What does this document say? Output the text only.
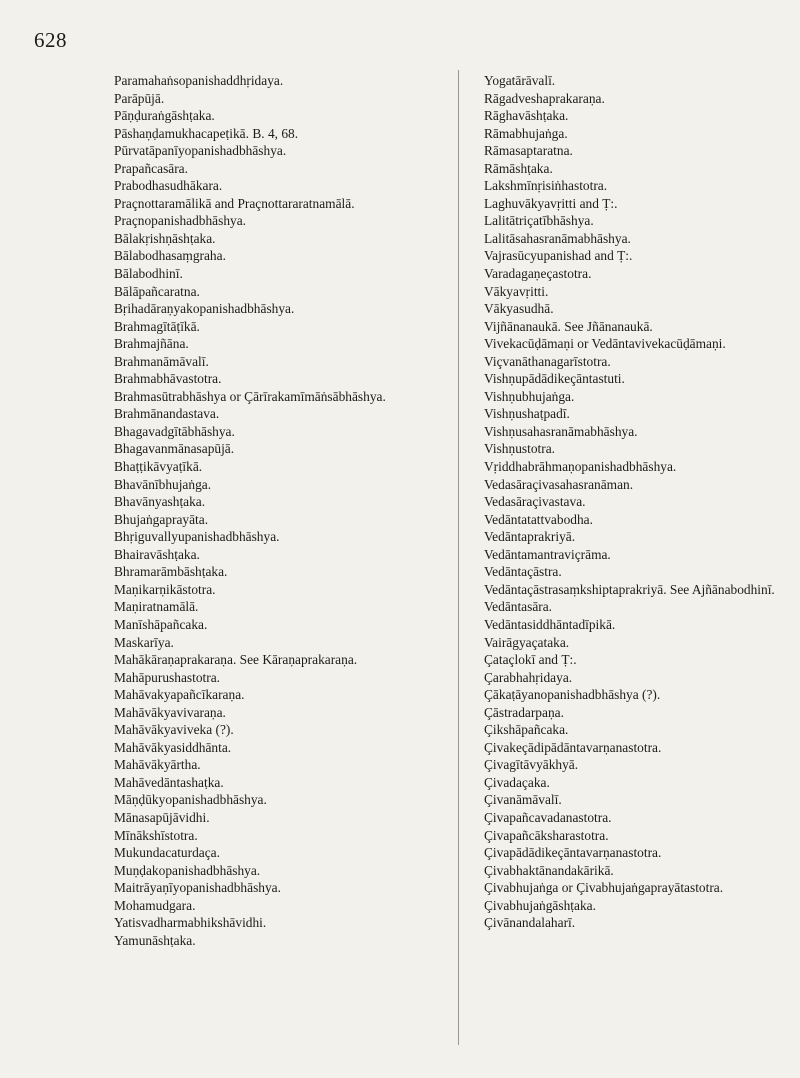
628
Paramahaṅsopanishaddhṛidaya.
Parāpūjā.
Pāṇḍuraṅgāshṭaka.
Pāshaṇḍamukhacapeṭikā. B. 4, 68.
Pūrvatāpanīyopanishadbhāshya.
Prapañcasāra.
Prabodhasudhākara.
Praçnottaramālikā and Praçnottararatnamālā.
Praçnopanishadbhāshya.
Bālakṛishṇāshṭaka.
Bālabodhasaṃgraha.
Bālabodhinī.
Bālāpañcaratna.
Bṛihadāraṇyakopanishadbhāshya.
Brahmagītāṭīkā.
Brahmajñāna.
Brahmanāmāvalī.
Brahmabhāvastotra.
Brahmasūtrabhāshya or Çārīrakamīmāṅsābhāshya.
Brahmānandastava.
Bhagavadgītābhāshya.
Bhagavanmānasapūjā.
Bhaṭṭikāvyaṭīkā.
Bhavānībhujaṅga.
Bhavānyashṭaka.
Bhujaṅgaprayāta.
Bhṛiguvallyupanishadbhāshya.
Bhairavāshṭaka.
Bhramarāmbāshṭaka.
Maṇikarṇikāstotra.
Maṇiratnamālā.
Manīshāpañcaka.
Maskarīya.
Mahākāraṇaprakaraṇa. See Kāraṇaprakaraṇa.
Mahāpurushastotra.
Mahāvakyapañcīkaraṇa.
Mahāvākyavivaraṇa.
Mahāvākyaviveka (?).
Mahāvākyasiddhānta.
Mahāvākyārtha.
Mahāvedāntashaṭka.
Māṇḍūkyopanishadbhāshya.
Mānasapūjāvidhi.
Mīnākshīstotra.
Mukundacaturdaça.
Muṇḍakopanishadbhāshya.
Maitrāyaṇīyopanishadbhāshya.
Mohamudgara.
Yatisvadharmabhikshāvidhi.
Yamunāshṭaka.
Yogatārāvalī.
Rāgadveshaprakaraṇa.
Rāghavāshṭaka.
Rāmabhujaṅga.
Rāmasaptaratna.
Rāmāshṭaka.
Lakshmīnṛisiṅhastotra.
Laghuvākyavṛitti and Ṭ:.
Lalitātriçatībhāshya.
Lalitāsahasranāmabhāshya.
Vajrasūcyupanishad and Ṭ:.
Varadagaṇeçastotra.
Vākyavṛitti.
Vākyasudhā.
Vijñānanaukā. See Jñānanaukā.
Vivekacūḍāmaṇi or Vedāntavivekacūḍāmaṇi.
Viçvanāthanagarīstotra.
Vishṇupādādikeçāntastuti.
Vishṇubhujaṅga.
Vishṇushaṭpadī.
Vishṇusahasranāmabhāshya.
Vishṇustotra.
Vṛiddhabrāhmaṇopanishadbhāshya.
Vedasāraçivasahasranāman.
Vedasāraçivastava.
Vedāntatattvabodha.
Vedāntaprakriyā.
Vedāntamantraviçrāma.
Vedāntaçāstra.
Vedāntaçāstrasaṃkshiptaprakriyā. See Ajñānabodhinī.
Vedāntasāra.
Vedāntasiddhāntadīpikā.
Vairāgyaçataka.
Çataçlokī and Ṭ:.
Çarabhahṛidaya.
Çākaṭāyanopanishadbhāshya (?).
Çāstradarpaṇa.
Çikshāpañcaka.
Çivakeçādipādāntavarṇanastotra.
Çivagītāvyākhyā.
Çivadaçaka.
Çivanāmāvalī.
Çivapañcavadanastotra.
Çivapañcāksharastotra.
Çivapādādikeçāntavarṇanastotra.
Çivabhaktānandakārikā.
Çivabhujaṅga or Çivabhujaṅgaprayātastotra.
Çivabhujaṅgāshṭaka.
Çivānandalaharī.
